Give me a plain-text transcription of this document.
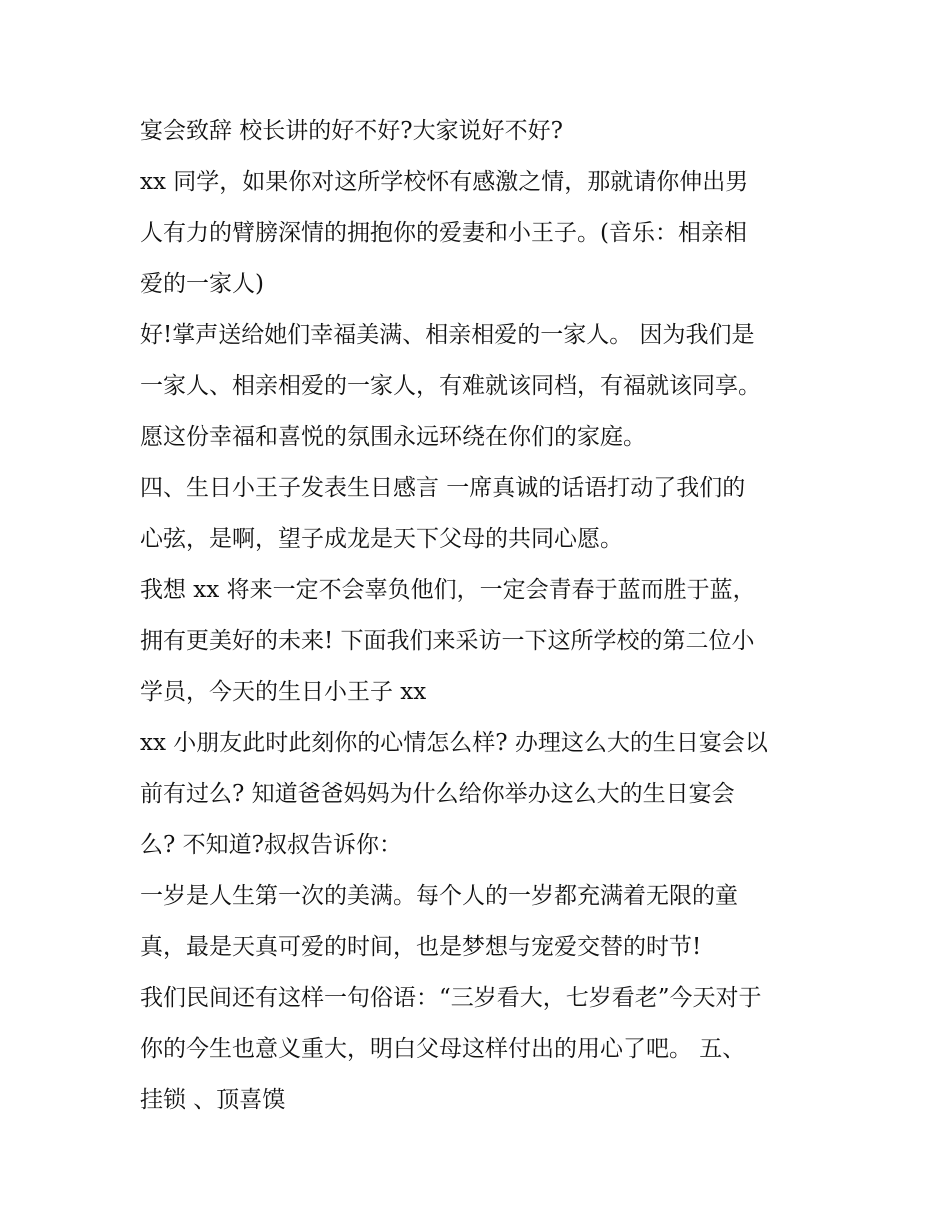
宴会致辞 校长讲的好不好?大家说好不好?
xx 同学，如果你对这所学校怀有感激之情，那就请你伸出男
人有力的臂膀深情的拥抱你的爱妻和小王子。(音乐：相亲相
爱的一家人)
好!掌声送给她们幸福美满、相亲相爱的一家人。 因为我们是
一家人、相亲相爱的一家人，有难就该同档，有福就该同享。
愿这份幸福和喜悦的氛围永远环绕在你们的家庭。
四、生日小王子发表生日感言 一席真诚的话语打动了我们的
心弦，是啊，望子成龙是天下父母的共同心愿。
我想 xx 将来一定不会辜负他们，一定会青春于蓝而胜于蓝，
拥有更美好的未来! 下面我们来采访一下这所学校的第二位小
学员，今天的生日小王子 xx
xx 小朋友此时此刻你的心情怎么样? 办理这么大的生日宴会以
前有过么? 知道爸爸妈妈为什么给你举办这么大的生日宴会
么? 不知道?叔叔告诉你：
一岁是人生第一次的美满。每个人的一岁都充满着无限的童
真，最是天真可爱的时间，也是梦想与宠爱交替的时节!
我们民间还有这样一句俗语：“三岁看大，七岁看老”今天对于
你的今生也意义重大，明白父母这样付出的用心了吧。 五、
挂锁 、顶喜馍
